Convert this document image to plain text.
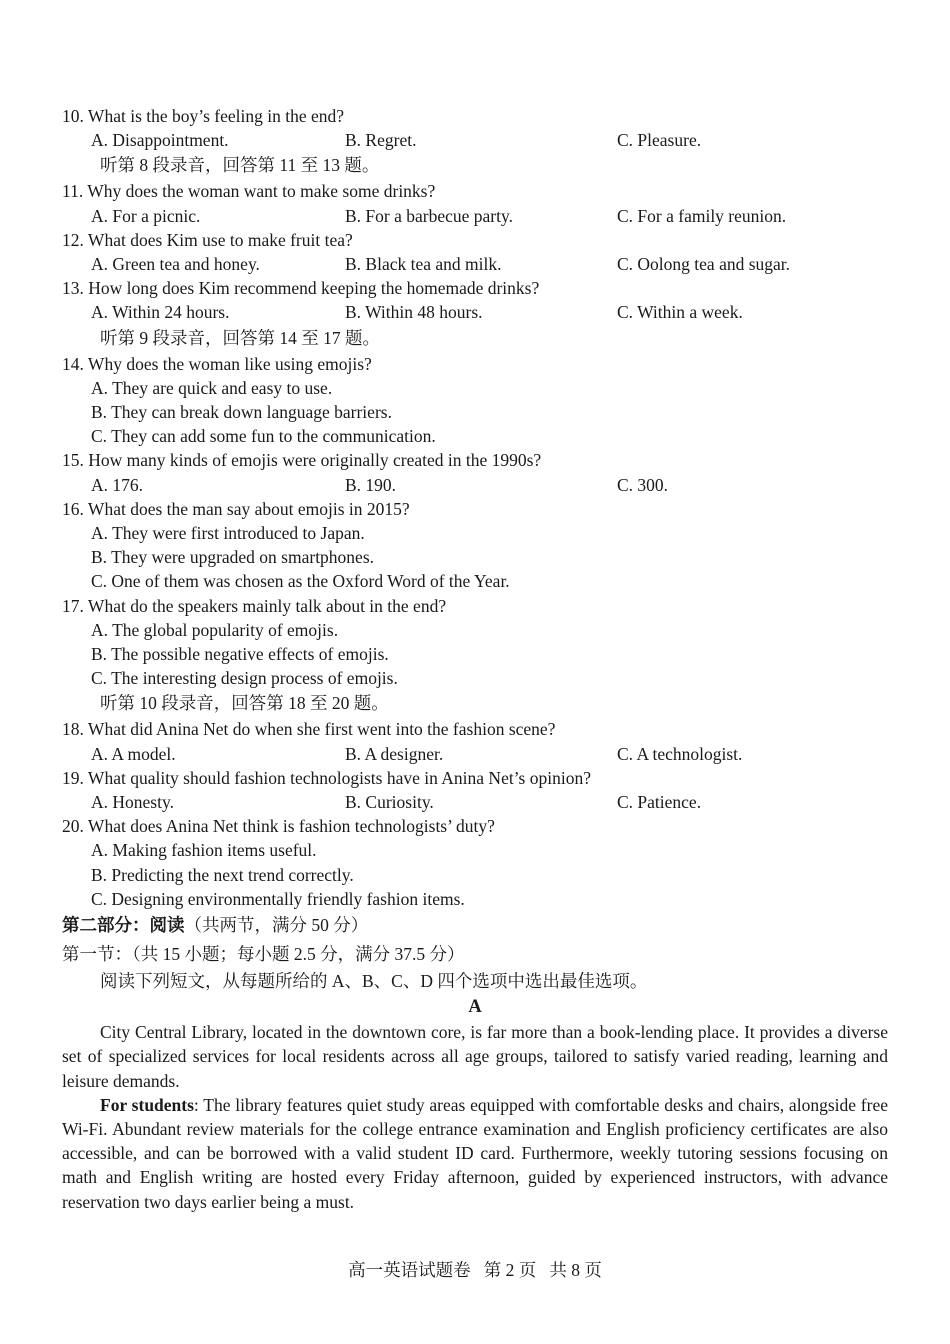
10. What is the boy’s feeling in the end?
A. Disappointment.	B. Regret.	C. Pleasure.
听第 8 段录音，回答第 11 至 13 题。
11. Why does the woman want to make some drinks?
A. For a picnic.	B. For a barbecue party.	C. For a family reunion.
12. What does Kim use to make fruit tea?
A. Green tea and honey.	B. Black tea and milk.	C. Oolong tea and sugar.
13. How long does Kim recommend keeping the homemade drinks?
A. Within 24 hours.	B. Within 48 hours.	C. Within a week.
听第 9 段录音，回答第 14 至 17 题。
14. Why does the woman like using emojis?
A. They are quick and easy to use.
B. They can break down language barriers.
C. They can add some fun to the communication.
15. How many kinds of emojis were originally created in the 1990s?
A. 176.	B. 190.	C. 300.
16. What does the man say about emojis in 2015?
A. They were first introduced to Japan.
B. They were upgraded on smartphones.
C. One of them was chosen as the Oxford Word of the Year.
17. What do the speakers mainly talk about in the end?
A. The global popularity of emojis.
B. The possible negative effects of emojis.
C. The interesting design process of emojis.
听第 10 段录音，回答第 18 至 20 题。
18. What did Anina Net do when she first went into the fashion scene?
A. A model.	B. A designer.	C. A technologist.
19. What quality should fashion technologists have in Anina Net’s opinion?
A. Honesty.	B. Curiosity.	C. Patience.
20. What does Anina Net think is fashion technologists’ duty?
A. Making fashion items useful.
B. Predicting the next trend correctly.
C. Designing environmentally friendly fashion items.
第二部分：阅读（共两节，满分 50 分）
第一节：（共 15 小题；每小题 2.5 分，满分 37.5 分）
阅读下列短文，从每题所给的 A、B、C、D 四个选项中选出最佳选项。
A

City Central Library, located in the downtown core, is far more than a book-lending place. It provides a diverse set of specialized services for local residents across all age groups, tailored to satisfy varied reading, learning and leisure demands.

For students: The library features quiet study areas equipped with comfortable desks and chairs, alongside free Wi-Fi. Abundant review materials for the college entrance examination and English proficiency certificates are also accessible, and can be borrowed with a valid student ID card. Furthermore, weekly tutoring sessions focusing on math and English writing are hosted every Friday afternoon, guided by experienced instructors, with advance reservation two days earlier being a must.

高一英语试题卷   第 2 页   共 8 页
